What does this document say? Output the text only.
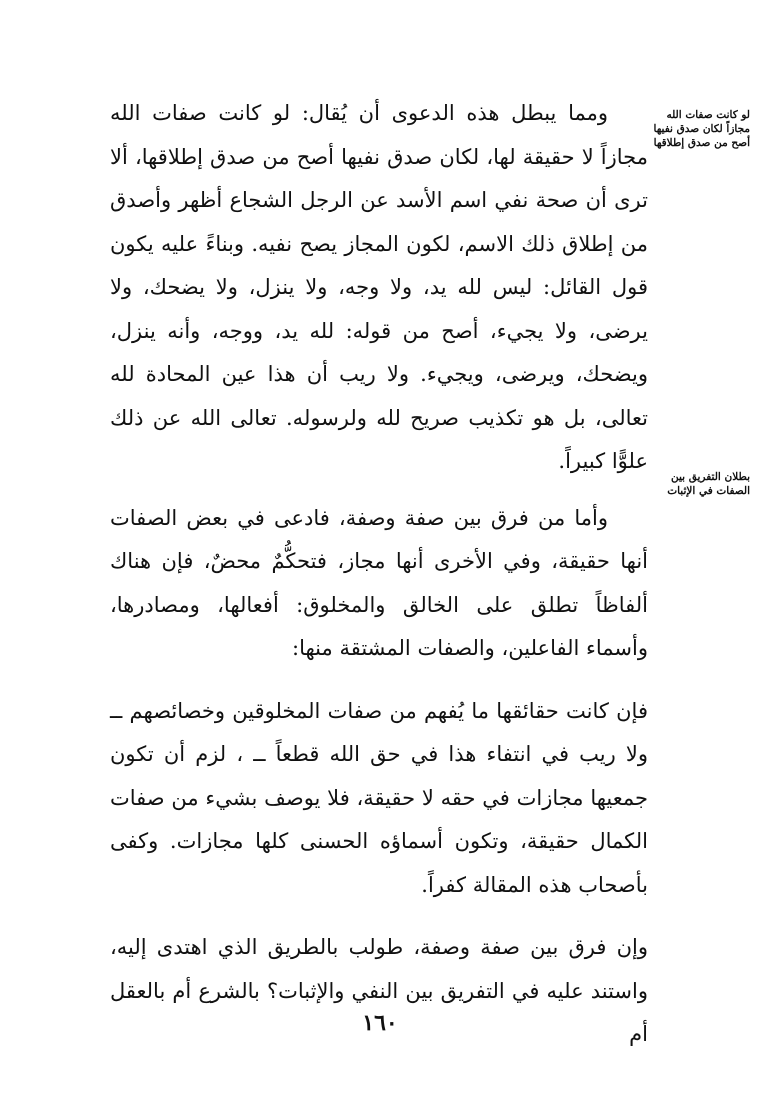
لو كانت صفات الله مجازاً لكان صدق نفيها أصح من صدق إطلاقها
بطلان التفريق بين الصفات في الإثبات

ومما يبطل هذه الدعوى أن يُقال: لو كانت صفات الله مجازاً لا حقيقة لها، لكان صدق نفيها أصح من صدق إطلاقها، ألا ترى أن صحة نفي اسم الأسد عن الرجل الشجاع أظهر وأصدق من إطلاق ذلك الاسم، لكون المجاز يصح نفيه. وبناءً عليه يكون قول القائل: ليس لله يد، ولا وجه، ولا ينزل، ولا يضحك، ولا يرضى، ولا يجيء، أصح من قوله: لله يد، ووجه، وأنه ينزل، ويضحك، ويرضى، ويجيء. ولا ريب أن هذا عين المحادة لله تعالى، بل هو تكذيب صريح لله ولرسوله. تعالى الله عن ذلك علوًّا كبيراً.

وأما من فرق بين صفة وصفة، فادعى في بعض الصفات أنها حقيقة، وفي الأخرى أنها مجاز، فتحكُّمٌ محضٌ، فإن هناك ألفاظاً تطلق على الخالق والمخلوق: أفعالها، ومصادرها، وأسماء الفاعلين، والصفات المشتقة منها:

فإن كانت حقائقها ما يُفهم من صفات المخلوقين وخصائصهم ــ ولا ريب في انتفاء هذا في حق الله قطعاً ــ ، لزم أن تكون جمعيها مجازات في حقه لا حقيقة، فلا يوصف بشيء من صفات الكمال حقيقة، وتكون أسماؤه الحسنى كلها مجازات. وكفى بأصحاب هذه المقالة كفراً.

وإن فرق بين صفة وصفة، طولب بالطريق الذي اهتدى إليه، واستند عليه في التفريق بين النفي والإثبات؟ بالشرع أم بالعقل أم

١٦٠
